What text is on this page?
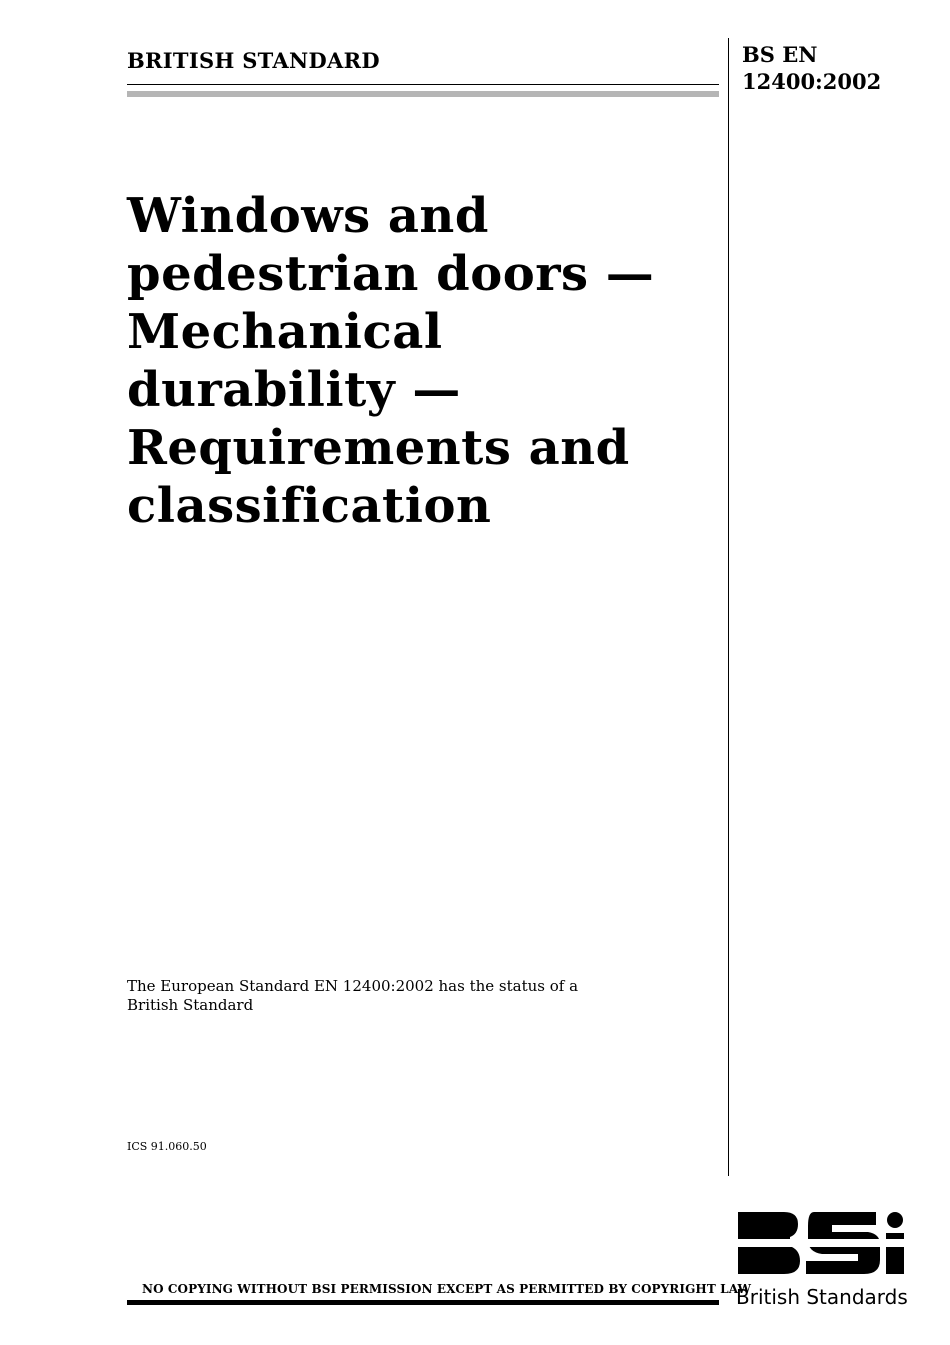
BRITISH STANDARD	BS EN
12400:2002
Windows and
pedestrian doors —
Mechanical
durability —
Requirements and
classification
The European Standard EN 12400:2002 has the status of a
British Standard
ICS 91.060.50
NO COPYING WITHOUT BSI PERMISSION EXCEPT AS PERMITTED BY COPYRIGHT LAW
British Standards
